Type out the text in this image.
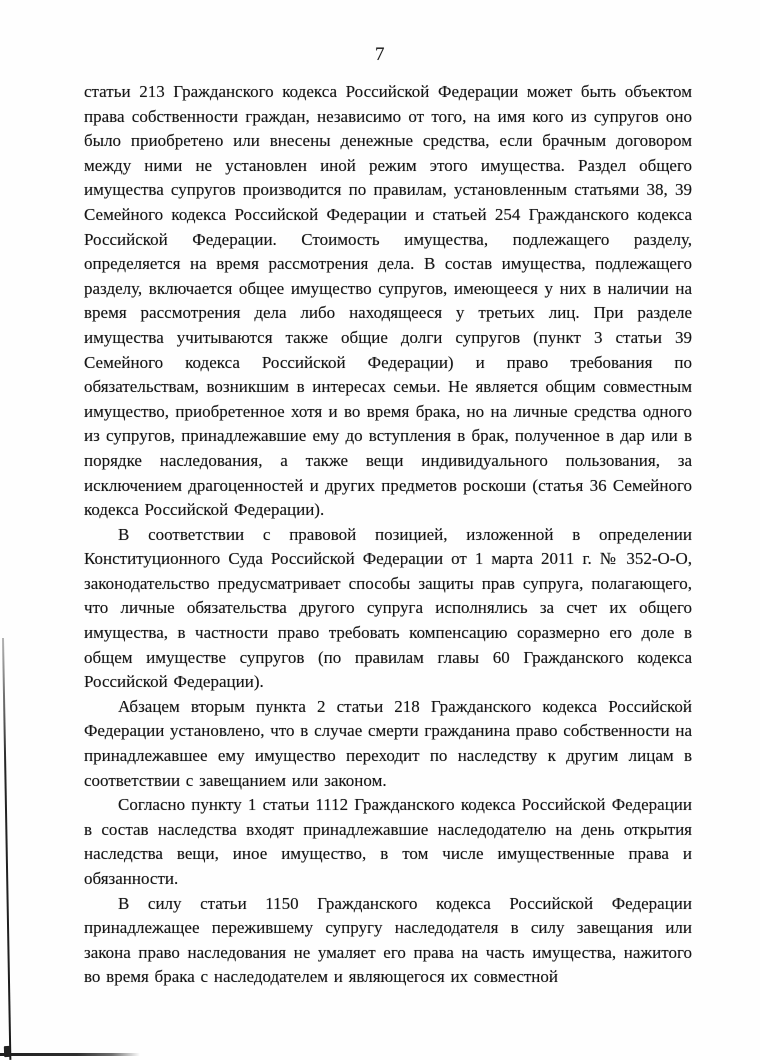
7

статьи 213 Гражданского кодекса Российской Федерации может быть объектом права собственности граждан, независимо от того, на имя кого из супругов оно было приобретено или внесены денежные средства, если брачным договором между ними не установлен иной режим этого имущества. Раздел общего имущества супругов производится по правилам, установленным статьями 38, 39 Семейного кодекса Российской Федерации и статьей 254 Гражданского кодекса Российской Федерации. Стоимость имущества, подлежащего разделу, определяется на время рассмотрения дела. В состав имущества, подлежащего разделу, включается общее имущество супругов, имеющееся у них в наличии на время рассмотрения дела либо находящееся у третьих лиц. При разделе имущества учитываются также общие долги супругов (пункт 3 статьи 39 Семейного кодекса Российской Федерации) и право требования по обязательствам, возникшим в интересах семьи. Не является общим совместным имущество, приобретенное хотя и во время брака, но на личные средства одного из супругов, принадлежавшие ему до вступления в брак, полученное в дар или в порядке наследования, а также вещи индивидуального пользования, за исключением драгоценностей и других предметов роскоши (статья 36 Семейного кодекса Российской Федерации).

В соответствии с правовой позицией, изложенной в определении Конституционного Суда Российской Федерации от 1 марта 2011 г. № 352-О-О, законодательство предусматривает способы защиты прав супруга, полагающего, что личные обязательства другого супруга исполнялись за счет их общего имущества, в частности право требовать компенсацию соразмерно его доле в общем имуществе супругов (по правилам главы 60 Гражданского кодекса Российской Федерации).

Абзацем вторым пункта 2 статьи 218 Гражданского кодекса Российской Федерации установлено, что в случае смерти гражданина право собственности на принадлежавшее ему имущество переходит по наследству к другим лицам в соответствии с завещанием или законом.

Согласно пункту 1 статьи 1112 Гражданского кодекса Российской Федерации в состав наследства входят принадлежавшие наследодателю на день открытия наследства вещи, иное имущество, в том числе имущественные права и обязанности.

В силу статьи 1150 Гражданского кодекса Российской Федерации принадлежащее пережившему супругу наследодателя в силу завещания или закона право наследования не умаляет его права на часть имущества, нажитого во время брака с наследодателем и являющегося их совместной
